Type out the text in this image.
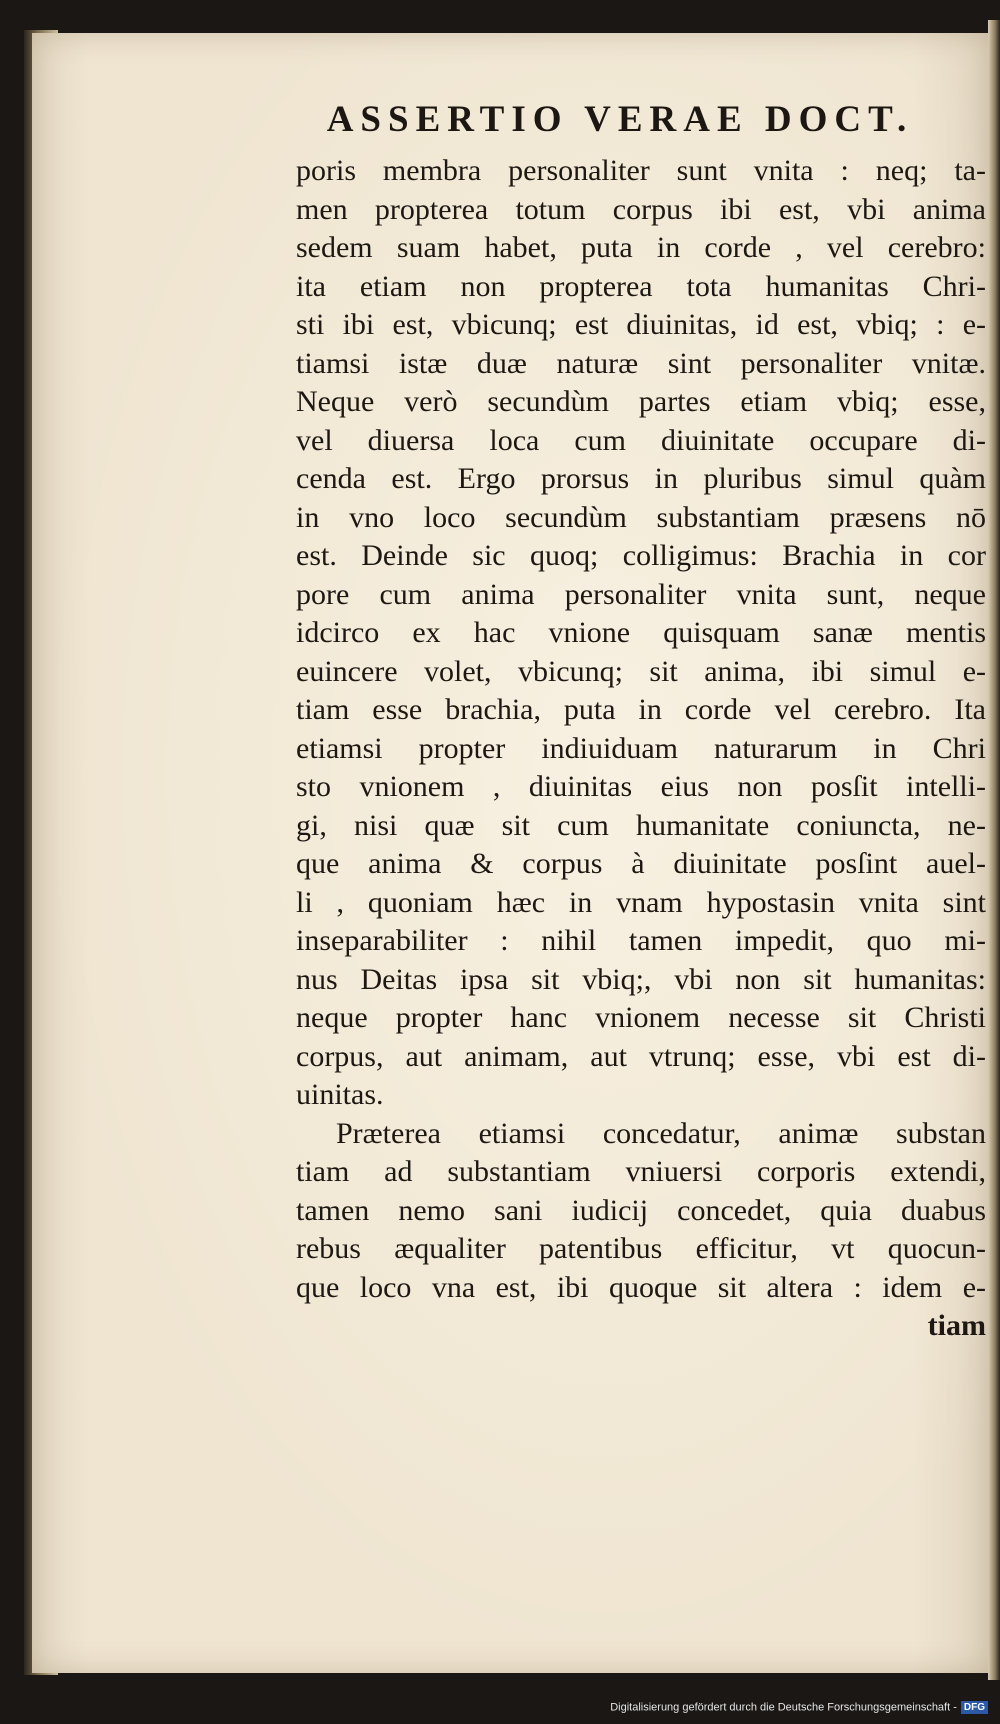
ASSERTIO VERAE DOCT.
poris membra personaliter sunt vnita : neq; ta-
men propterea totum corpus ibi est, vbi anima
sedem suam habet, puta in corde , vel cerebro:
ita etiam non propterea tota humanitas Chri-
sti ibi est, vbicunq; est diuinitas, id est, vbiq; : e-
tiamsi istæ duæ naturæ sint personaliter vnitæ.
Neque verò secundùm partes etiam vbiq; esse,
vel diuersa loca cum diuinitate occupare di-
cenda est. Ergo prorsus in pluribus simul quàm
in vno loco secundùm substantiam præsens nō
est. Deinde sic quoq; colligimus: Brachia in cor
pore cum anima personaliter vnita sunt, neque
idcirco ex hac vnione quisquam sanæ mentis
euincere volet, vbicunq; sit anima, ibi simul e-
tiam esse brachia, puta in corde vel cerebro. Ita
etiamsi propter indiuiduam naturarum in Chri
sto vnionem , diuinitas eius non posſit intelli-
gi, nisi quæ sit cum humanitate coniuncta, ne-
que anima & corpus à diuinitate posſint auel-
li , quoniam hæc in vnam hypostasin vnita sint
inseparabiliter : nihil tamen impedit, quo mi-
nus Deitas ipsa sit vbiq;, vbi non sit humanitas:
neque propter hanc vnionem necesse sit Christi
corpus, aut animam, aut vtrunq; esse, vbi est di-
uinitas.
Præterea etiamsi concedatur, animæ substan
tiam ad substantiam vniuersi corporis extendi,
tamen nemo sani iudicij concedet, quia duabus
rebus æqualiter patentibus efficitur, vt quocun-
que loco vna est, ibi quoque sit altera : idem e-
tiam
Digitalisierung gefördert durch die Deutsche Forschungsgemeinschaft - DFG
